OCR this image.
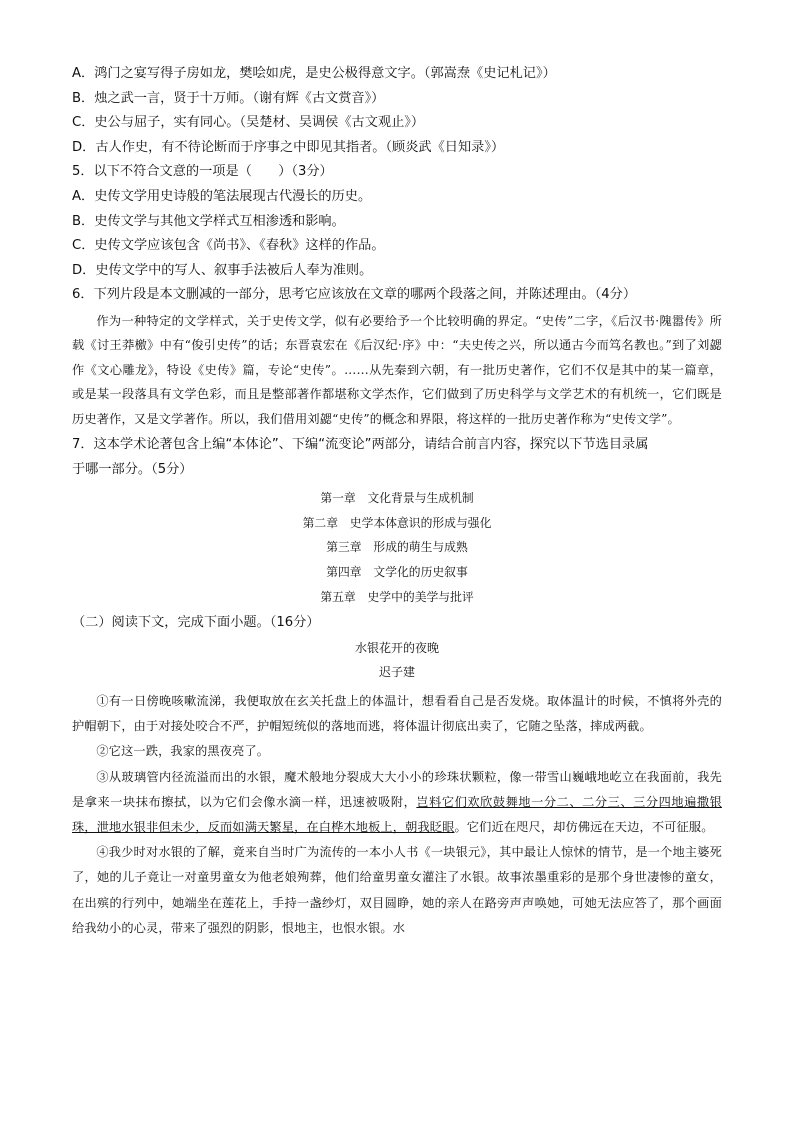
A．鸿门之宴写得子房如龙，樊哙如虎，是史公极得意文字。（郭嵩焘《史记札记》）
B．烛之武一言，贤于十万师。（谢有辉《古文赏音》）
C．史公与屈子，实有同心。（吴楚材、吴调侯《古文观止》）
D．古人作史，有不待论断而于序事之中即见其指者。（顾炎武《日知录》）
5．以下不符合文意的一项是（　　）（3分）
A．史传文学用史诗般的笔法展现古代漫长的历史。
B．史传文学与其他文学样式互相渗透和影响。
C．史传文学应该包含《尚书》、《春秋》这样的作品。
D．史传文学中的写人、叙事手法被后人奉为准则。
6．下列片段是本文删减的一部分，思考它应该放在文章的哪两个段落之间，并陈述理由。（4分）
作为一种特定的文学样式，关于史传文学，似有必要给予一个比较明确的界定。“史传”二字，《后汉书·隗嚣传》所载《讨王莽檄》中有“俊引史传”的话；东晋袁宏在《后汉纪·序》中：“夫史传之兴，所以通古今而笃名教也。”到了刘勰作《文心雕龙》，特设《史传》篇，专论“史传”。……从先秦到六朝，有一批历史著作，它们不仅是其中的某一篇章，或是某一段落具有文学色彩，而且是整部著作都堪称文学杰作，它们做到了历史科学与文学艺术的有机统一，它们既是历史著作，又是文学著作。所以，我们借用刘勰“史传”的概念和界限，将这样的一批历史著作称为“史传文学”。
7．这本学术论著包含上编“本体论”、下编“流变论”两部分，请结合前言内容，探究以下节选目录属
于哪一部分。（5分）
第一章　文化背景与生成机制
第二章　史学本体意识的形成与强化
第三章　形成的萌生与成熟
第四章　文学化的历史叙事
第五章　史学中的美学与批评
（二）阅读下文，完成下面小题。（16分）
水银花开的夜晚
迟子建
①有一日傍晚咳嗽流涕，我便取放在玄关托盘上的体温计，想看看自己是否发烧。取体温计的时候，不慎将外壳的护帽朝下，由于对接处咬合不严，护帽短统似的落地而逃，将体温计彻底出卖了，它随之坠落，摔成两截。
②它这一跌，我家的黑夜亮了。
③从玻璃管内径流溢而出的水银，魔术般地分裂成大大小小的珍珠状颗粒，像一带雪山巍峨地屹立在我面前，我先是拿来一块抹布擦拭，以为它们会像水滴一样，迅速被吸附，岂料它们欢欣鼓舞地一分二、二分三、三分四地遍撒银珠，泄地水银非但未少，反而如满天繁星，在白桦木地板上，朝我眨眼。它们近在咫尺，却仿佛远在天边，不可征服。
④我少时对水银的了解，竟来自当时广为流传的一本小人书《一块银元》，其中最让人惊怵的情节，是一个地主婆死了，她的儿子竟让一对童男童女为他老娘殉葬，他们给童男童女灌注了水银。故事浓墨重彩的是那个身世凄惨的童女，在出殡的行列中，她端坐在莲花上，手持一盏纱灯，双目圆睁，她的亲人在路旁声声唤她，可她无法应答了，那个画面给我幼小的心灵，带来了强烈的阴影，恨地主，也恨水银。水
